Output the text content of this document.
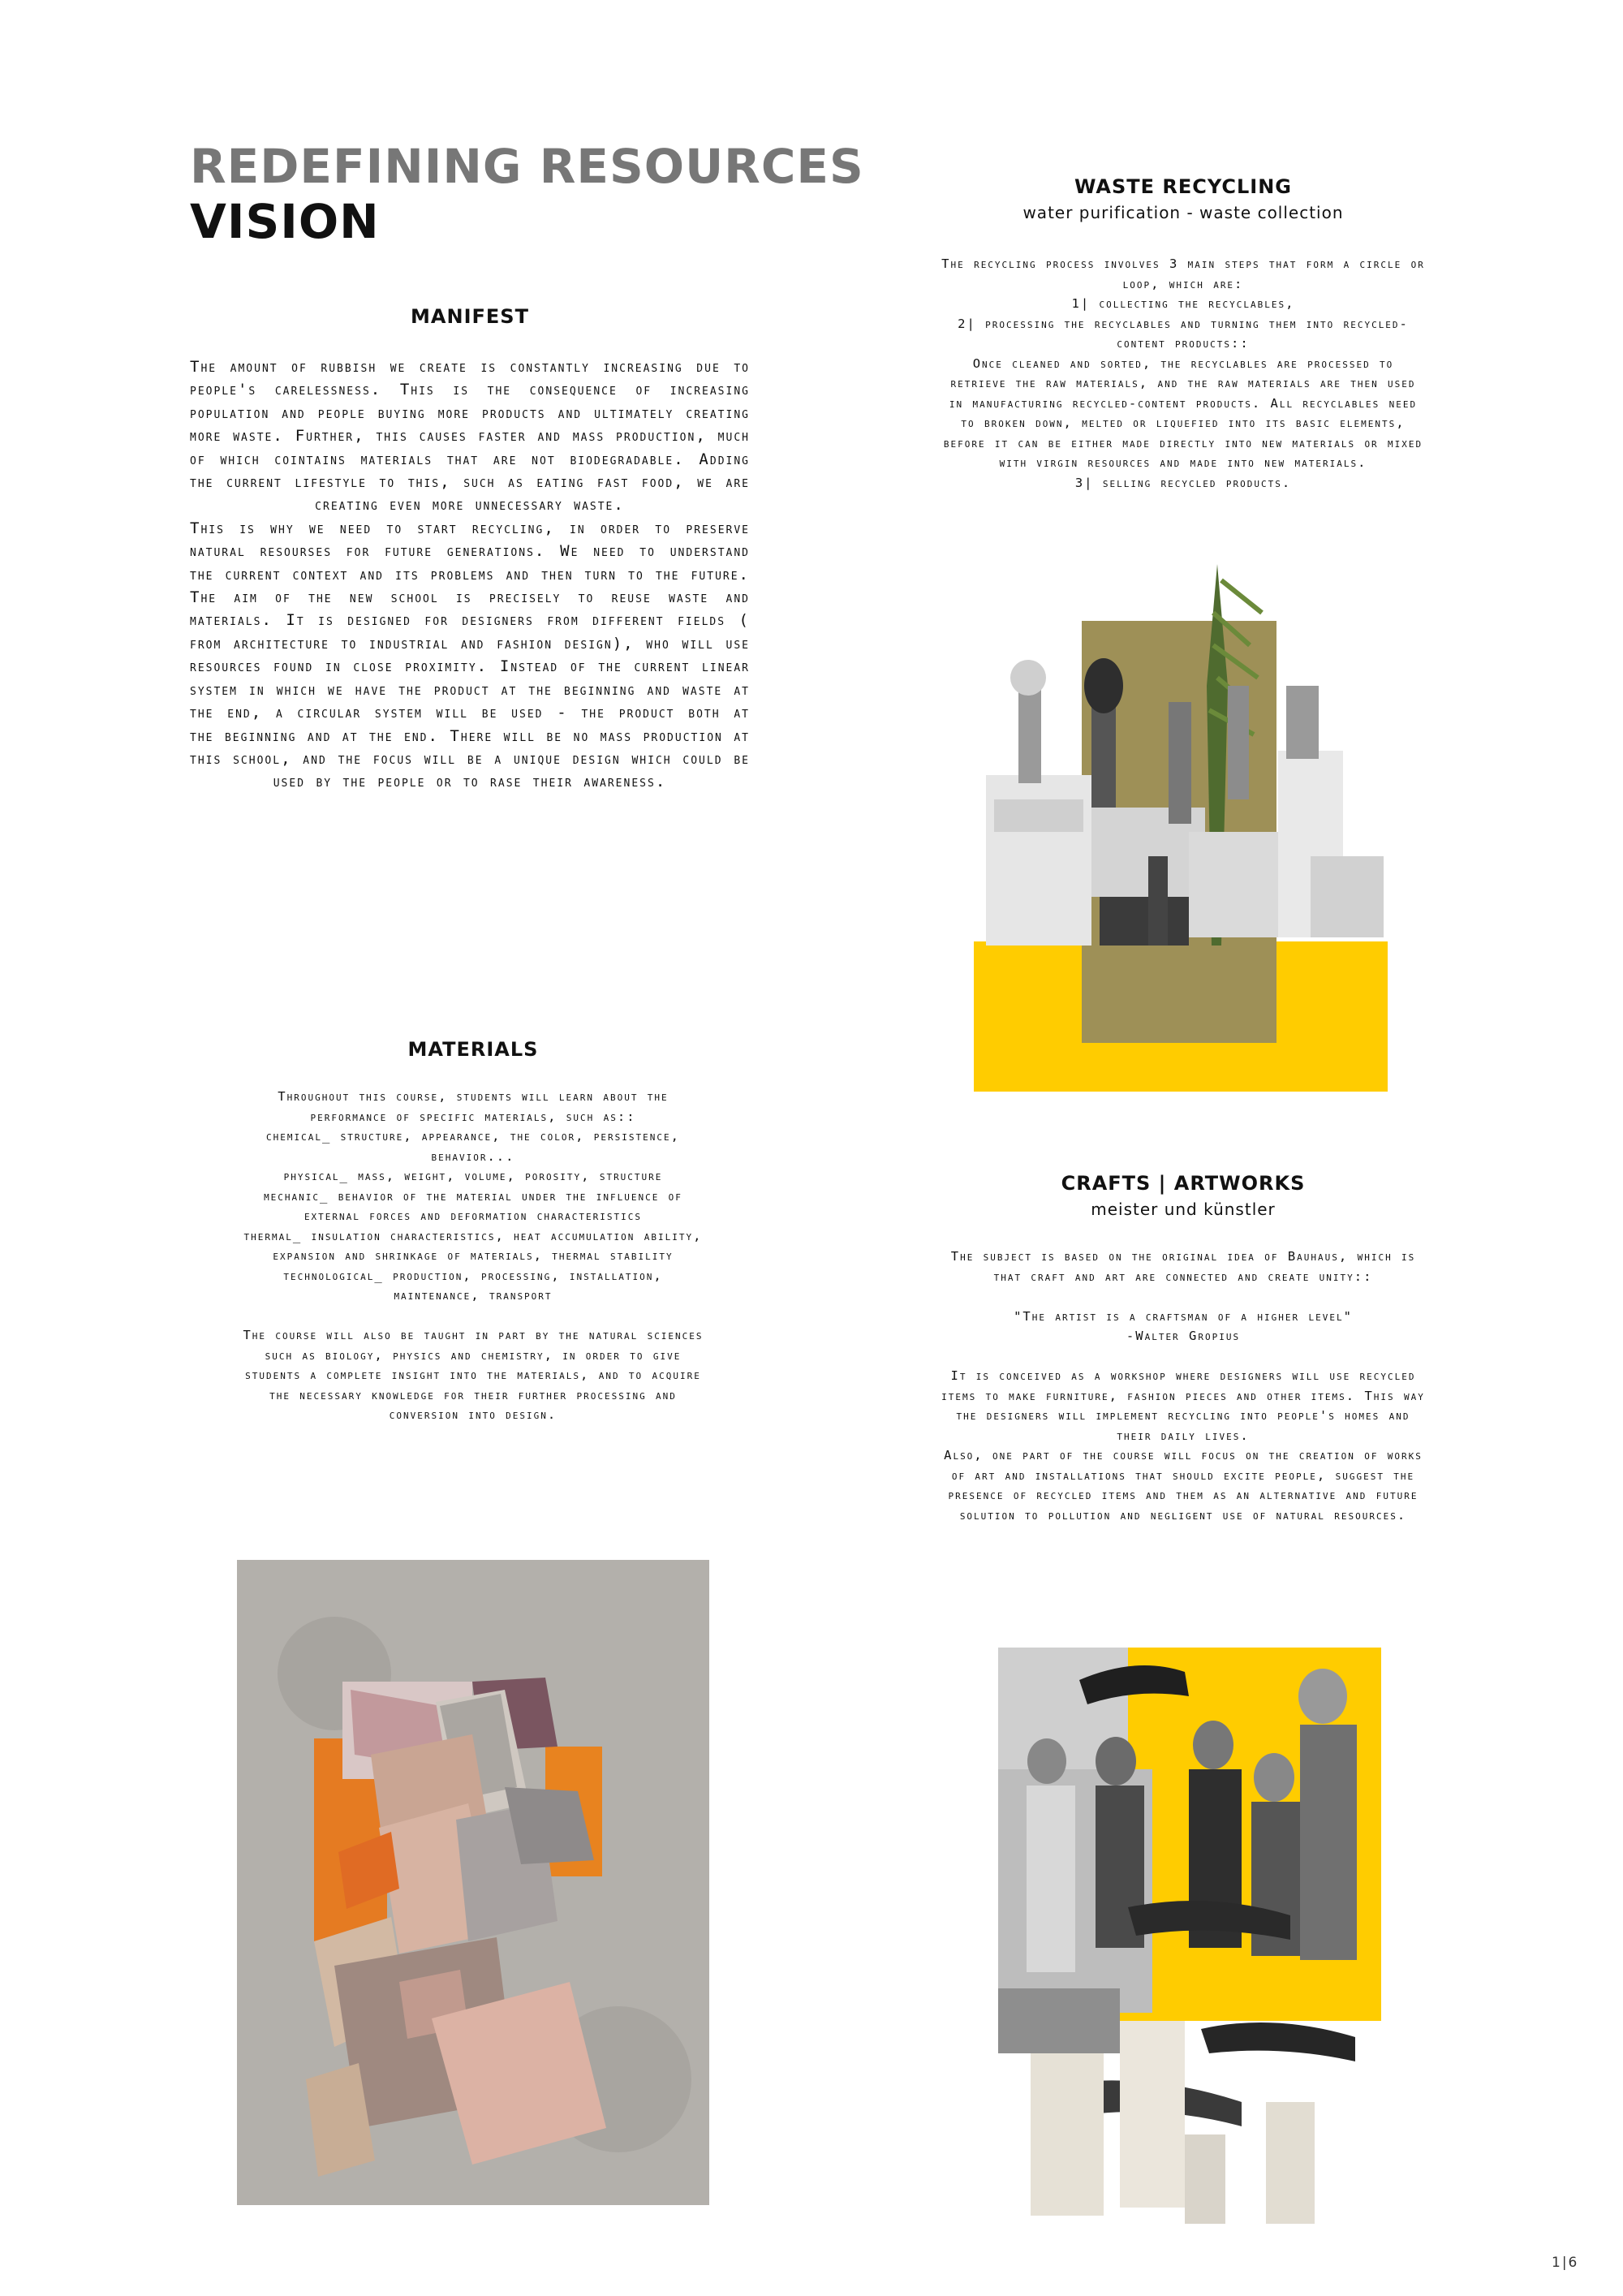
REDEFINING RESOURCES
VISION
MANIFEST
The amount of rubbish we create is constantly increasing due to people's carelessness. This is the consequence of increasing population and people buying more products and ultimately creating more waste. Further, this causes faster and mass production, much of which cointains materials that are not biodegradable. Adding the current lifestyle to this, such as eating fast food, we are creating even more unnecessary waste.
This is why we need to start recycling, in order to preserve natural resourses for future generations. We need to understand the current context and its problems and then turn to the future. The aim of the new school is precisely to reuse waste and materials. It is designed for designers from different fields ( from architecture to industrial and fashion design), who will use resources found in close proximity. Instead of the current linear system in which we have the product at the beginning and waste at the end, a circular system will be used - the product both at the beginning and at the end. There will be no mass production at this school, and the focus will be a unique design which could be used by the people or to rase their awareness.
MATERIALS
Throughout this course, students will learn about the performance of specific materials, such as::
chemical_ structure, appearance, the color, persistence, behavior...
physical_ mass, weight, volume, porosity, structure
mechanic_ behavior of the material under the influence of external forces and deformation characteristics
thermal_ insulation characteristics, heat accumulation ability, expansion and shrinkage of materials, thermal stability
technological_ production, processing, installation, maintenance, transport

The course will also be taught in part by the natural sciences such as biology, physics and chemistry, in order to give students a complete insight into the materials, and to acquire the necessary knowledge for their further processing and conversion into design.
WASTE RECYCLING
water purification - waste collection
The recycling process involves 3 main steps that form a circle or loop, which are:
1| collecting the recyclables,
2| processing the recyclables and turning them into recycled-content products::
Once cleaned and sorted, the recyclables are processed to retrieve the raw materials, and the raw materials are then used in manufacturing recycled-content products. All recyclables need to broken down, melted or liquefied into its basic elements, before it can be either made directly into new materials or mixed with virgin resources and made into new materials.
3| selling recycled products.
CRAFTS | ARTWORKS
meister und künstler
The subject is based on the original idea of Bauhaus, which is that craft and art are connected and create unity::

"The artist is a craftsman of a higher level"
-Walter Gropius

It is conceived as a workshop where designers will use recycled items to make furniture, fashion pieces and other items. This way the designers will implement recycling into people's homes and their daily lives.
Also, one part of the course will focus on the creation of works of art and installations that should excite people, suggest the presence of recycled items and them as an alternative and future solution to pollution and negligent use of natural resources.
1|6
